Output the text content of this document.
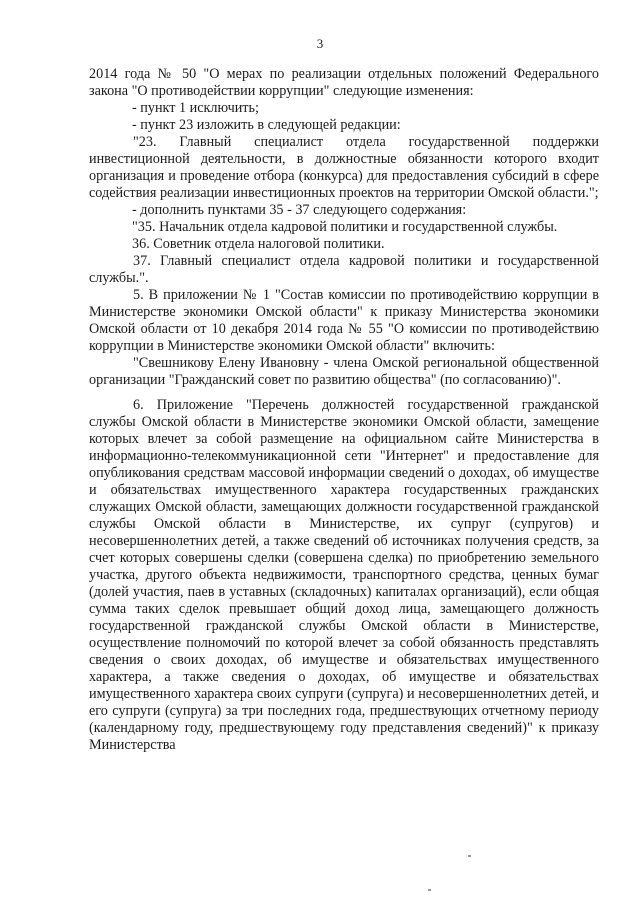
3

2014 года № 50 "О мерах по реализации отдельных положений Федерального закона "О противодействии коррупции" следующие изменения:

- пункт 1 исключить;

- пункт 23 изложить в следующей редакции:

"23. Главный специалист отдела государственной поддержки инвестиционной деятельности, в должностные обязанности которого входит организация и проведение отбора (конкурса) для предоставления субсидий в сфере содействия реализации инвестиционных проектов на территории Омской области.";

- дополнить пунктами 35 - 37 следующего содержания:

"35. Начальник отдела кадровой политики и государственной службы.

36. Советник отдела налоговой политики.

37. Главный специалист отдела кадровой политики и государственной службы.".

5. В приложении № 1 "Состав комиссии по противодействию коррупции в Министерстве экономики Омской области" к приказу Министерства экономики Омской области от 10 декабря 2014 года № 55 "О комиссии по противодействию коррупции в Министерстве экономики Омской области" включить:

"Свешникову Елену Ивановну - члена Омской региональной общественной организации "Гражданский совет по развитию общества" (по согласованию)".

6. Приложение "Перечень должностей государственной гражданской службы Омской области в Министерстве экономики Омской области, замещение которых влечет за собой размещение на официальном сайте Министерства в информационно-телекоммуникационной сети "Интернет" и предоставление для опубликования средствам массовой информации сведений о доходах, об имуществе и обязательствах имущественного характера государственных гражданских служащих Омской области, замещающих должности государственной гражданской службы Омской области в Министерстве, их супруг (супругов) и несовершеннолетних детей, а также сведений об источниках получения средств, за счет которых совершены сделки (совершена сделка) по приобретению земельного участка, другого объекта недвижимости, транспортного средства, ценных бумаг (долей участия, паев в уставных (складочных) капиталах организаций), если общая сумма таких сделок превышает общий доход лица, замещающего должность государственной гражданской службы Омской области в Министерстве, осуществление полномочий по которой влечет за собой обязанность представлять сведения о своих доходах, об имуществе и обязательствах имущественного характера, а также сведения о доходах, об имуществе и обязательствах имущественного характера своих супруги (супруга) и несовершеннолетних детей, и его супруги (супруга) за три последних года, предшествующих отчетному периоду (календарному году, предшествующему году представления сведений)" к приказу Министерства
